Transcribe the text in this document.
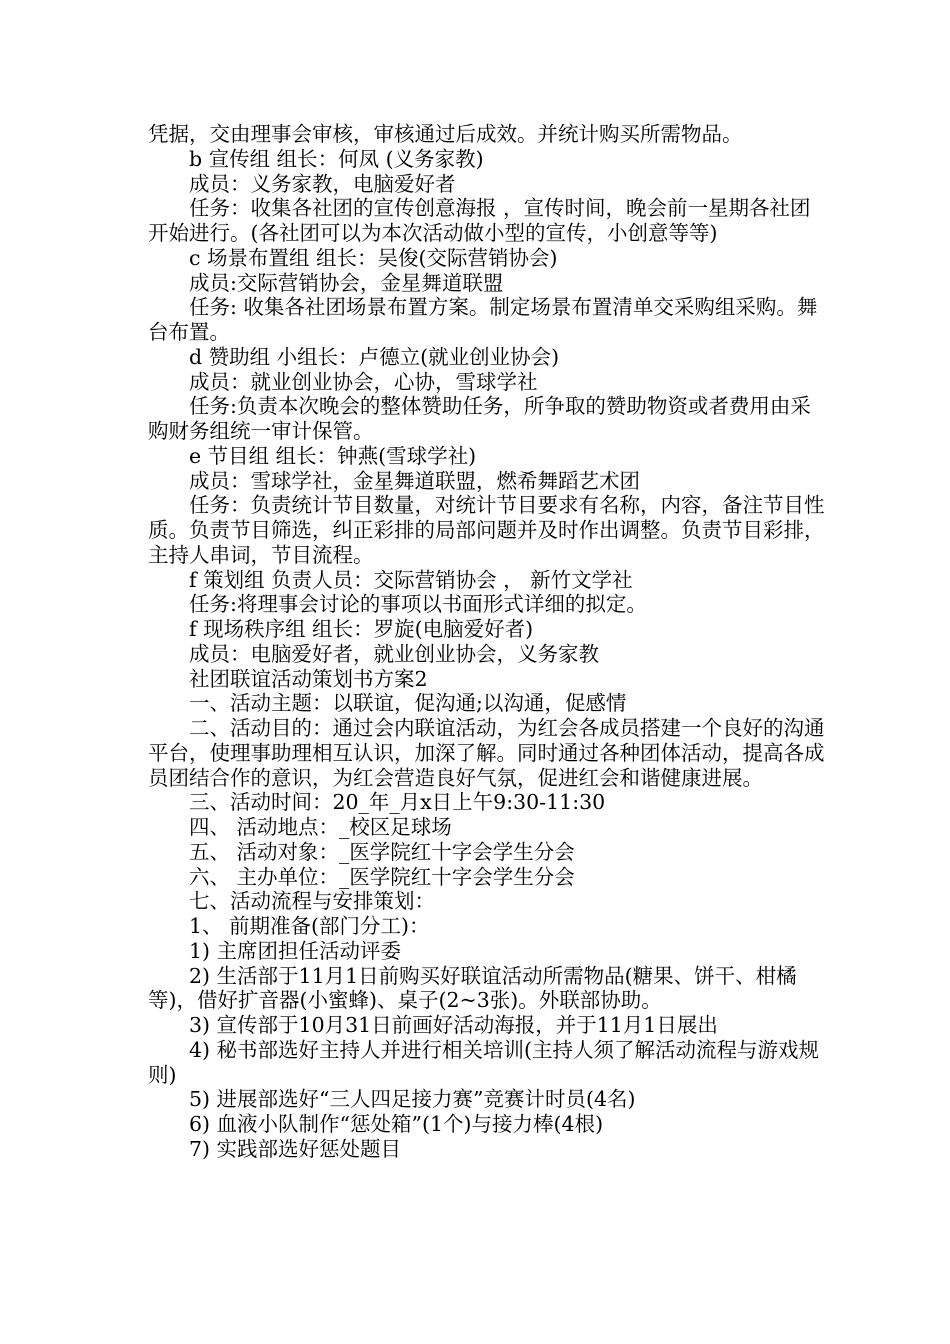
凭据，交由理事会审核，审核通过后成效。并统计购买所需物品。

b 宣传组 组长：何凤 (义务家教)

成员：义务家教，电脑爱好者

任务：收集各社团的宣传创意海报 ，宣传时间，晚会前一星期各社团开始进行。(各社团可以为本次活动做小型的宣传，小创意等等)

c 场景布置组 组长：吴俊(交际营销协会)

成员:交际营销协会，金星舞道联盟

任务: 收集各社团场景布置方案。制定场景布置清单交采购组采购。舞台布置。

d 赞助组 小组长：卢德立(就业创业协会)

成员：就业创业协会，心协，雪球学社

任务:负责本次晚会的整体赞助任务，所争取的赞助物资或者费用由采购财务组统一审计保管。

e 节目组 组长：钟燕(雪球学社)

成员：雪球学社，金星舞道联盟，燃希舞蹈艺术团

任务：负责统计节目数量，对统计节目要求有名称，内容，备注节目性质。负责节目筛选，纠正彩排的局部问题并及时作出调整。负责节目彩排，主持人串词，节目流程。

f 策划组 负责人员：交际营销协会 ， 新竹文学社

任务:将理事会讨论的事项以书面形式详细的拟定。

f 现场秩序组 组长：罗旋(电脑爱好者)

成员：电脑爱好者，就业创业协会，义务家教

社团联谊活动策划书方案2

一、活动主题：以联谊，促沟通;以沟通，促感情

二、活动目的：通过会内联谊活动，为红会各成员搭建一个良好的沟通平台，使理事助理相互认识，加深了解。同时通过各种团体活动，提高各成员团结合作的意识，为红会营造良好气氛，促进红会和谐健康进展。

三、活动时间：20_年_月x日上午9:30-11:30

四、 活动地点：_校区足球场

五、 活动对象：_医学院红十字会学生分会

六、 主办单位：_医学院红十字会学生分会

七、活动流程与安排策划：

1、 前期准备(部门分工)：

1) 主席团担任活动评委

2) 生活部于11月1日前购买好联谊活动所需物品(糖果、饼干、柑橘等)，借好扩音器(小蜜蜂)、桌子(2~3张)。外联部协助。

3) 宣传部于10月31日前画好活动海报，并于11月1日展出

4) 秘书部选好主持人并进行相关培训(主持人须了解活动流程与游戏规则)

5) 进展部选好“三人四足接力赛”竞赛计时员(4名)

6) 血液小队制作“惩处箱”(1个)与接力棒(4根)

7) 实践部选好惩处题目
